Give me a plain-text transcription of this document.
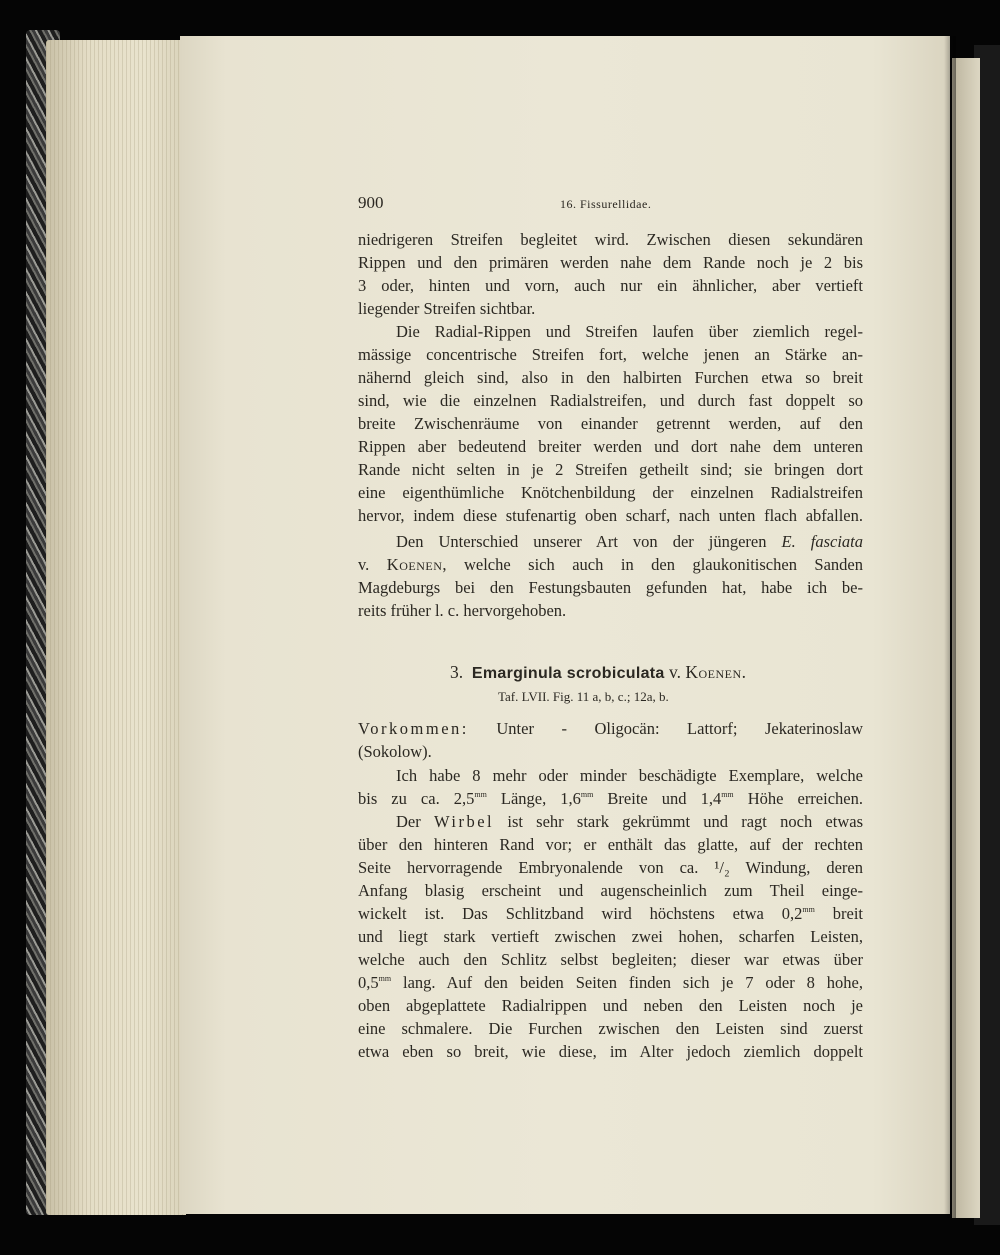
900	16. Fissurellidae.
niedrigeren Streifen begleitet wird. Zwischen diesen sekundären
Rippen und den primären werden nahe dem Rande noch je 2 bis
3 oder, hinten und vorn, auch nur ein ähnlicher, aber vertieft
liegender Streifen sichtbar.
Die Radial-Rippen und Streifen laufen über ziemlich regel-
mässige concentrische Streifen fort, welche jenen an Stärke an-
nähernd gleich sind, also in den halbirten Furchen etwa so breit
sind, wie die einzelnen Radialstreifen, und durch fast doppelt so
breite Zwischenräume von einander getrennt werden, auf den
Rippen aber bedeutend breiter werden und dort nahe dem unteren
Rande nicht selten in je 2 Streifen getheilt sind; sie bringen dort
eine eigenthümliche Knötchenbildung der einzelnen Radialstreifen
hervor, indem diese stufenartig oben scharf, nach unten flach abfallen.
Den Unterschied unserer Art von der jüngeren E. fasciata
v. Koenen, welche sich auch in den glaukonitischen Sanden
Magdeburgs bei den Festungsbauten gefunden hat, habe ich be-
reits früher l. c. hervorgehoben.
Vorkommen: Unter - Oligocän: Lattorf; Jekaterinoslaw
(Sokolow).
Ich habe 8 mehr oder minder beschädigte Exemplare, welche
bis zu ca. $2,5^{mm}$ Länge, $1,6^{mm}$ Breite und $1,4^{mm}$ Höhe erreichen.
Der Wirbel ist sehr stark gekrümmt und ragt noch etwas
über den hinteren Rand vor; er enthält das glatte, auf der rechten
Seite hervorragende Embryonalende von ca. ¹/₂ Windung, deren
Anfang blasig erscheint und augenscheinlich zum Theil einge-
wickelt ist. Das Schlitzband wird höchstens etwa $0,2^{mm}$ breit
und liegt stark vertieft zwischen zwei hohen, scharfen Leisten,
welche auch den Schlitz selbst begleiten; dieser war etwas über
$0,5^{mm}$ lang. Auf den beiden Seiten finden sich je 7 oder 8 hohe,
oben abgeplattete Radialrippen und neben den Leisten noch je
eine schmalere. Die Furchen zwischen den Leisten sind zuerst
etwa eben so breit, wie diese, im Alter jedoch ziemlich doppelt
3. Emarginula scrobiculata v. Koenen.
Taf. LVII. Fig. 11 a, b, c.; 12a, b.
